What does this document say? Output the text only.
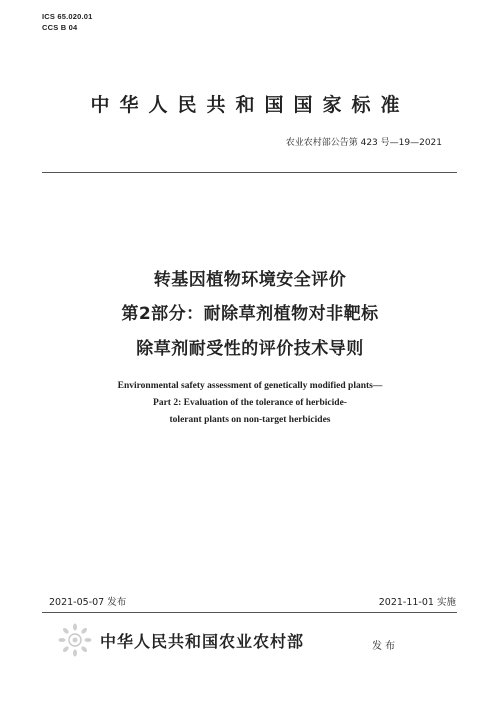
ICS 65.020.01
CCS B 04
中华人民共和国国家标准
农业农村部公告第 423 号—19—2021
转基因植物环境安全评价
第2部分：耐除草剂植物对非靶标
除草剂耐受性的评价技术导则
Environmental safety assessment of genetically modified plants—
Part 2: Evaluation of the tolerance of herbicide-
tolerant plants on non-target herbicides
2021-05-07 发布	2021-11-01 实施
中华人民共和国农业农村部	发布
